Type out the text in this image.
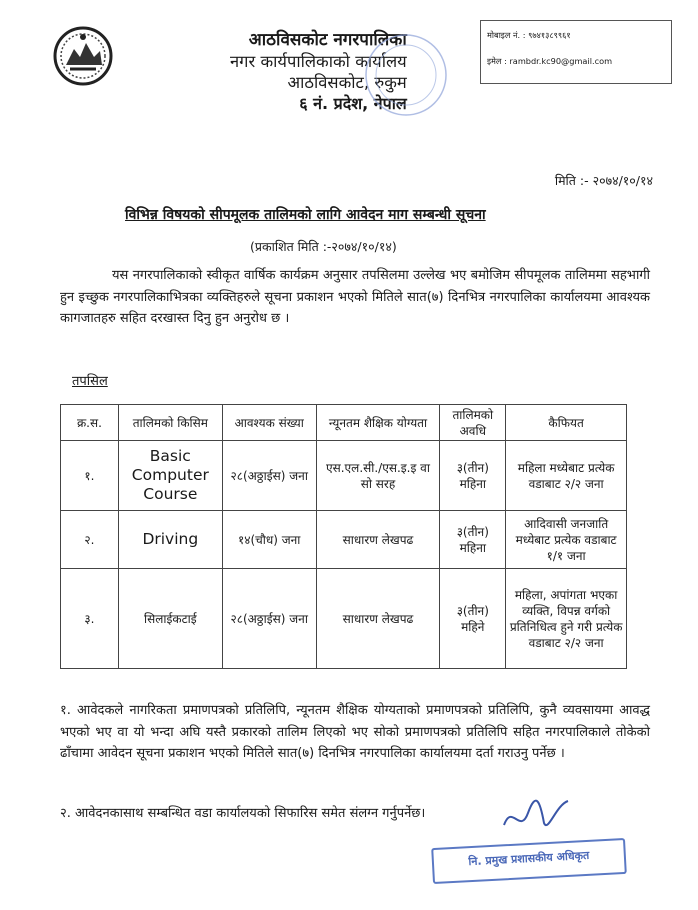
आठविसकोट नगरपालिका
नगर कार्यपालिकाको कार्यालय
आठविसकोट, रुकुम
६ नं. प्रदेश, नेपाल
मोबाइल नं. : ९७४१३८९९६१
इमेल : rambdr.kc90@gmail.com
मिति :- २०७४/१०/१४
विभिन्न विषयको सीपमूलक तालिमको लागि आवेदन माग सम्बन्धी सूचना
(प्रकाशित मिति :-२०७४/१०/१४)
यस नगरपालिकाको स्वीकृत वार्षिक कार्यक्रम अनुसार तपसिलमा उल्लेख भए बमोजिम सीपमूलक तालिममा सहभागी हुन इच्छुक नगरपालिकाभित्रका व्यक्तिहरुले सूचना प्रकाशन भएको मितिले सात(७) दिनभित्र नगरपालिका कार्यालयमा आवश्यक कागजातहरु सहित दरखास्त दिनु हुन अनुरोध छ ।
तपसिल
क्र.स.	तालिमको किसिम	आवश्यक संख्या	न्यूनतम शैक्षिक योग्यता	तालिमको अवधि	कैफियत
१.	Basic Computer Course	२८(अठ्ठाईस) जना	एस.एल.सी./एस.इ.इ वा सो सरह	३(तीन) महिना	महिला मध्येबाट प्रत्येक वडाबाट २/२ जना
२.	Driving	१४(चौध) जना	साधारण लेखपढ	३(तीन) महिना	आदिवासी जनजाति मध्येबाट प्रत्येक वडाबाट १/१ जना
३.	सिलाईकटाई	२८(अठ्ठाईस) जना	साधारण लेखपढ	३(तीन) महिने	महिला, अपांगता भएका व्यक्ति, विपन्न वर्गको प्रतिनिधित्व हुने गरी प्रत्येक वडाबाट २/२ जना
१. आवेदकले नागरिकता प्रमाणपत्रको प्रतिलिपि, न्यूनतम शैक्षिक योग्यताको प्रमाणपत्रको प्रतिलिपि, कुनै व्यवसायमा आवद्ध भएको भए वा यो भन्दा अघि यस्तै प्रकारको तालिम लिएको भए सोको प्रमाणपत्रको प्रतिलिपि सहित नगरपालिकाले तोकेको ढाँचामा आवेदन सूचना प्रकाशन भएको मितिले सात(७) दिनभित्र नगरपालिका कार्यालयमा दर्ता गराउनु पर्नेछ ।
२. आवेदनकासाथ सम्बन्धित वडा कार्यालयको सिफारिस समेत संलग्न गर्नुपर्नेछ।
नि. प्रमुख प्रशासकीय अधिकृत
